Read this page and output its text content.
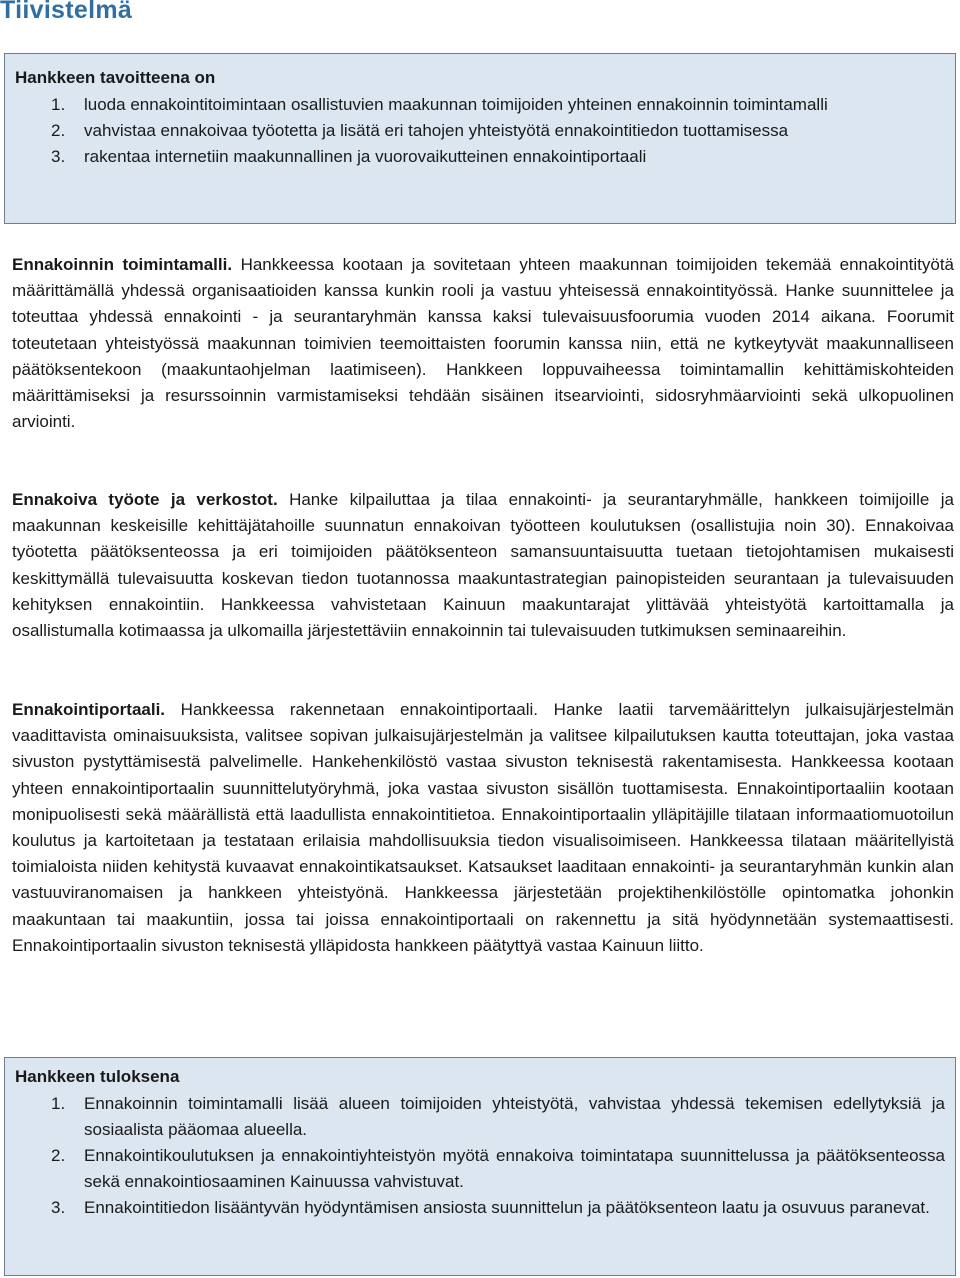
Tiivistelmä
Hankkeen tavoitteena on
1. luoda ennakointitoimintaan osallistuvien maakunnan toimijoiden yhteinen ennakoinnin toimintamalli
2. vahvistaa ennakoivaa työotetta ja lisätä eri tahojen yhteistyötä ennakointitiedon tuottamisessa
3. rakentaa internetiin maakunnallinen ja vuorovaikutteinen ennakointiportaali

Ennakoinnin toimintamalli. Hankkeessa kootaan ja sovitetaan yhteen maakunnan toimijoiden tekemää ennakointityötä määrittämällä yhdessä organisaatioiden kanssa kunkin rooli ja vastuu yhteisessä ennakointityössä. Hanke suunnittelee ja toteuttaa yhdessä ennakointi - ja seurantaryhmän kanssa kaksi tulevaisuusfoorumia vuoden 2014 aikana. Foorumit toteutetaan yhteistyössä maakunnan toimivien teemoittaisten foorumin kanssa niin, että ne kytkeytyvät maakunnalliseen päätöksentekoon (maakuntaohjelman laatimiseen). Hankkeen loppuvaiheessa toimintamallin kehittämiskohteiden määrittämiseksi ja resurssoinnin varmistamiseksi tehdään sisäinen itsearviointi, sidosryhmäarviointi sekä ulkopuolinen arviointi.

Ennakoiva työote ja verkostot. Hanke kilpailuttaa ja tilaa ennakointi- ja seurantaryhmälle, hankkeen toimijoille ja maakunnan keskeisille kehittäjätahoille suunnatun ennakoivan työotteen koulutuksen (osallistujia noin 30). Ennakoivaa työotetta päätöksenteossa ja eri toimijoiden päätöksenteon samansuuntaisuutta tuetaan tietojohtamisen mukaisesti keskittymällä tulevaisuutta koskevan tiedon tuotannossa maakuntastrategian painopisteiden seurantaan ja tulevaisuuden kehityksen ennakointiin. Hankkeessa vahvistetaan Kainuun maakuntarajat ylittävää yhteistyötä kartoittamalla ja osallistumalla kotimaassa ja ulkomailla järjestettäviin ennakoinnin tai tulevaisuuden tutkimuksen seminaareihin.

Ennakointiportaali. Hankkeessa rakennetaan ennakointiportaali. Hanke laatii tarvemäärittelyn julkaisujärjestelmän vaadittavista ominaisuuksista, valitsee sopivan julkaisujärjestelmän ja valitsee kilpailutuksen kautta toteuttajan, joka vastaa sivuston pystyttämisestä palvelimelle. Hankehenkilöstö vastaa sivuston teknisestä rakentamisesta. Hankkeessa kootaan yhteen ennakointiportaalin suunnittelutyöryhmä, joka vastaa sivuston sisällön tuottamisesta. Ennakointiportaaliin kootaan monipuolisesti sekä määrällistä että laadullista ennakointitietoa. Ennakointiportaalin ylläpitäjille tilataan informaatiomuotoilun koulutus ja kartoitetaan ja testataan erilaisia mahdollisuuksia tiedon visualisoimiseen. Hankkeessa tilataan määritellyistä toimialoista niiden kehitystä kuvaavat ennakointikatsaukset. Katsaukset laaditaan ennakointi- ja seurantaryhmän kunkin alan vastuuviranomaisen ja hankkeen yhteistyönä. Hankkeessa järjestetään projektihenkilöstölle opintomatka johonkin maakuntaan tai maakuntiin, jossa tai joissa ennakointiportaali on rakennettu ja sitä hyödynnetään systemaattisesti. Ennakointiportaalin sivuston teknisestä ylläpidosta hankkeen päätyttyä vastaa Kainuun liitto.

Hankkeen tuloksena
1. Ennakoinnin toimintamalli lisää alueen toimijoiden yhteistyötä, vahvistaa yhdessä tekemisen edellytyksiä ja sosiaalista pääomaa alueella.
2. Ennakointikoulutuksen ja ennakointiyhteistyön myötä ennakoiva toimintatapa suunnittelussa ja päätöksenteossa sekä ennakointiosaaminen Kainuussa vahvistuvat.
3. Ennakointitiedon lisääntyvän hyödyntämisen ansiosta suunnittelun ja päätöksenteon laatu ja osuvuus paranevat.
